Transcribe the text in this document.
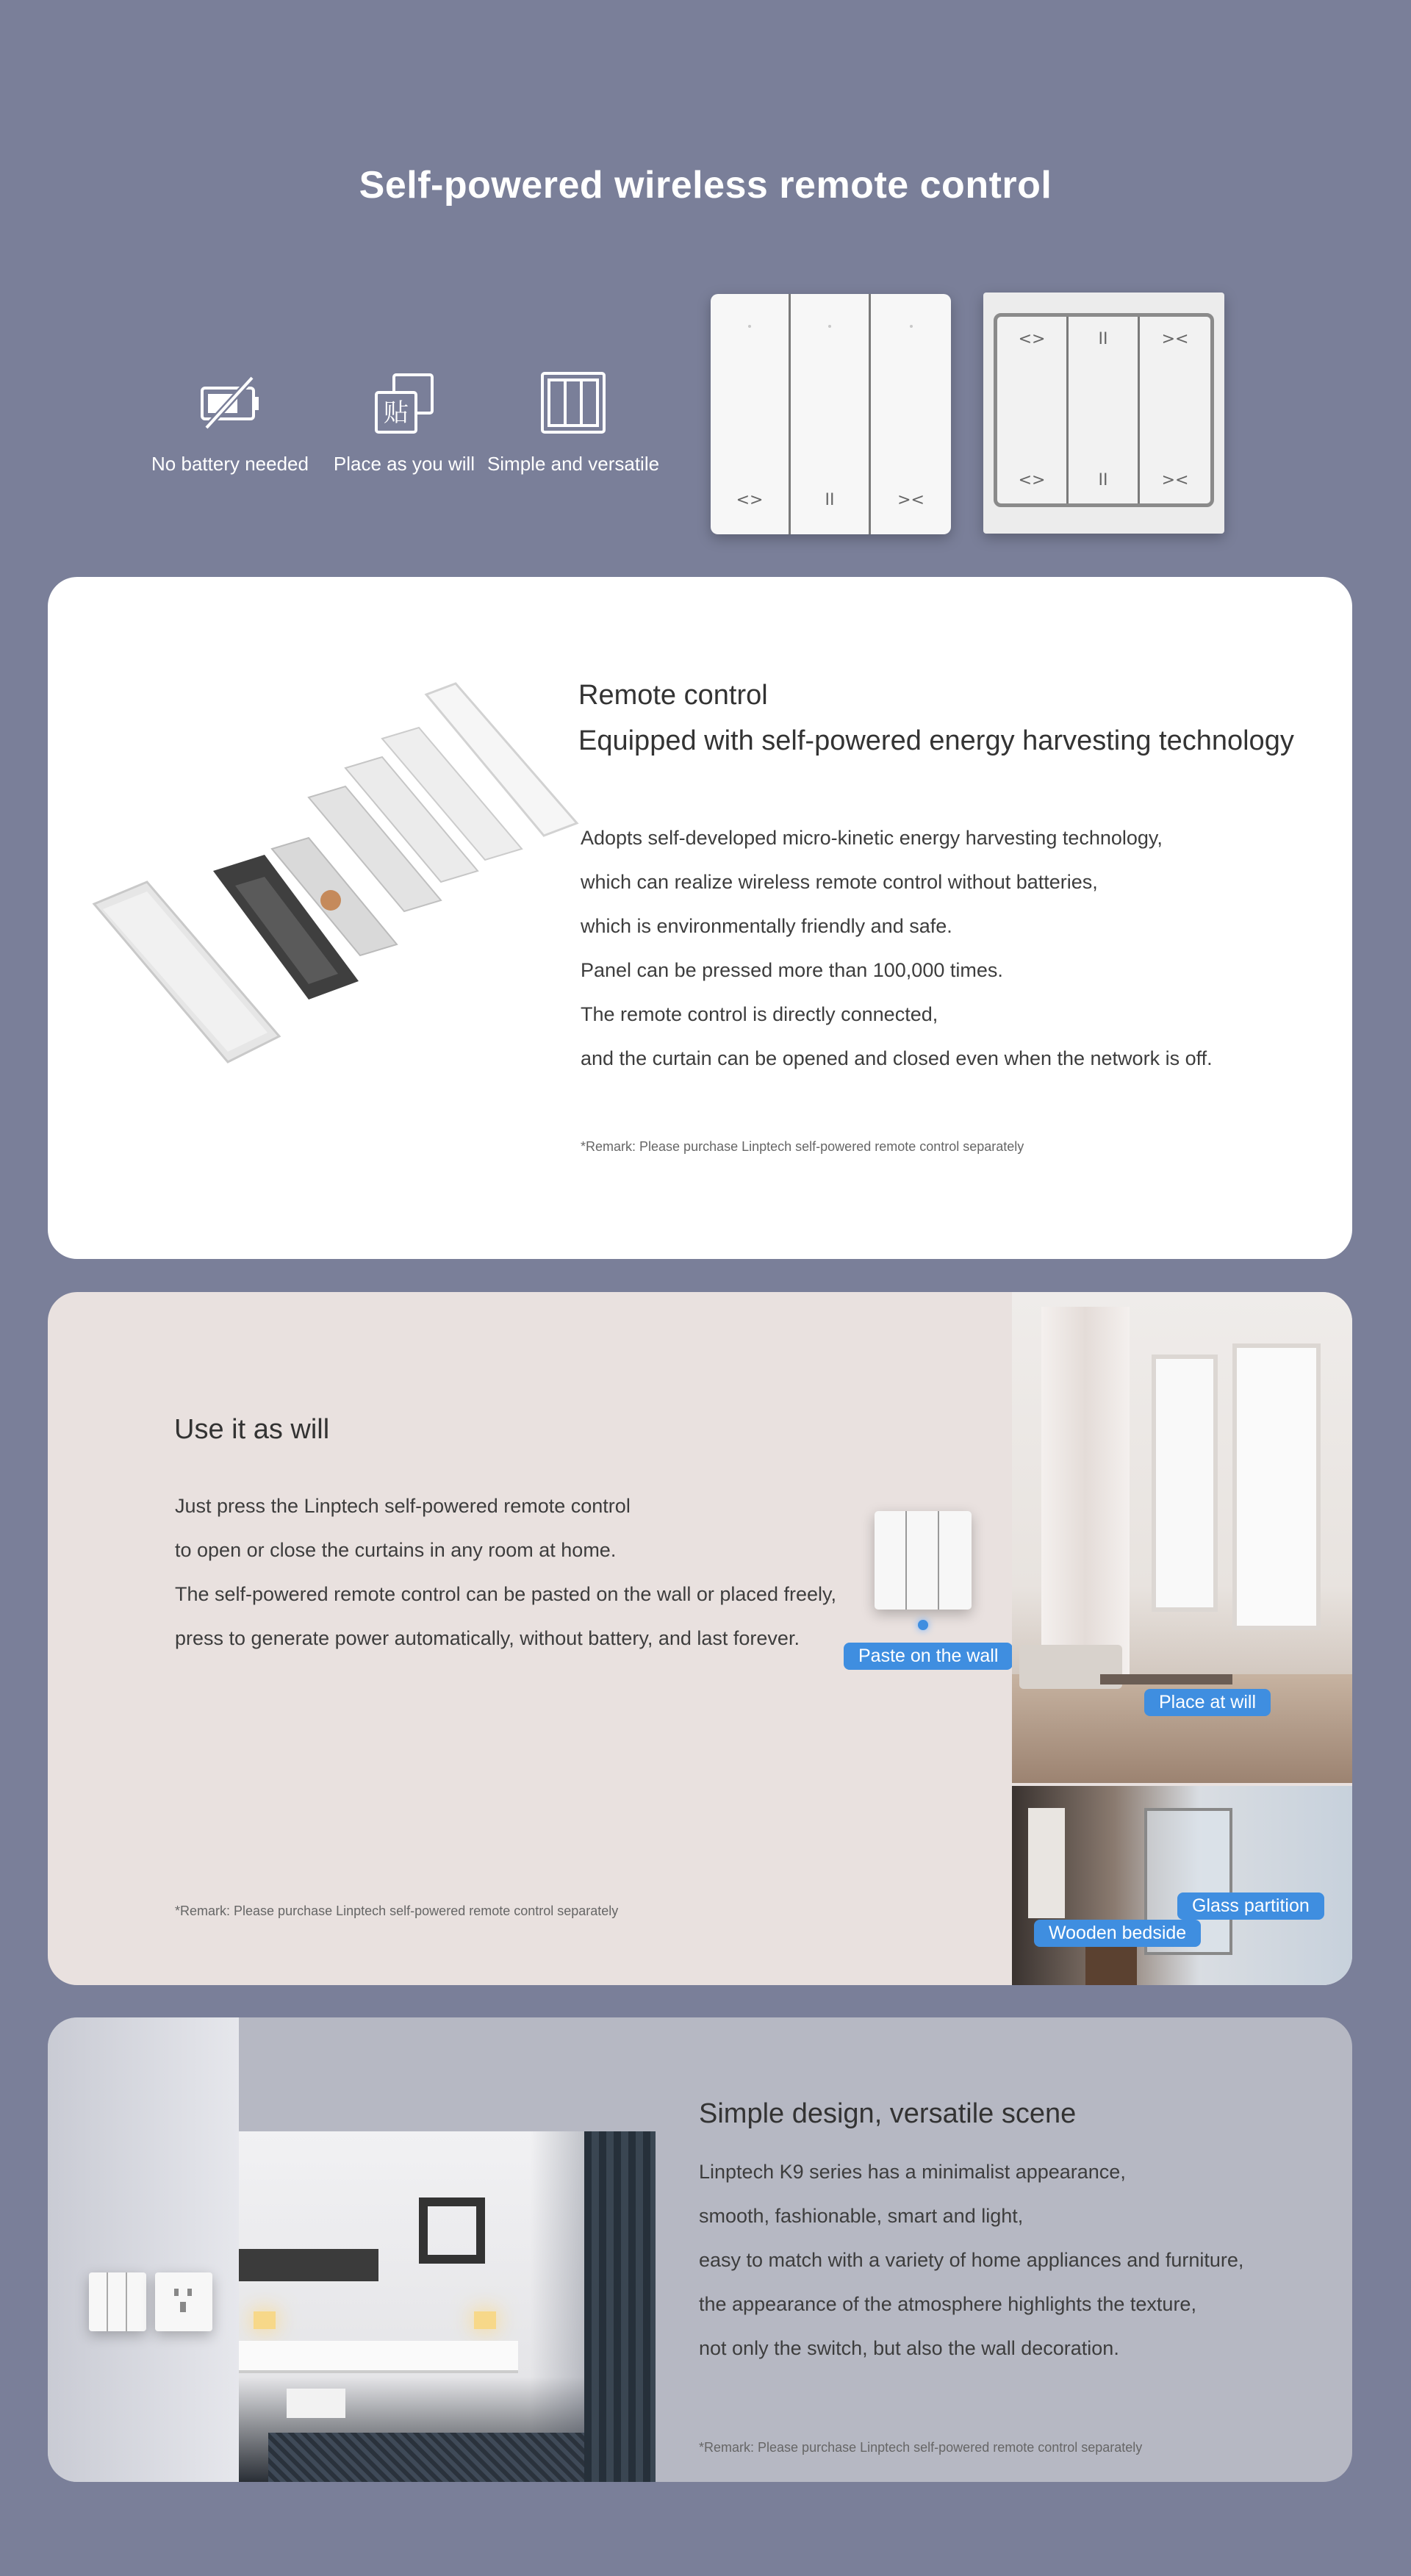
Self-powered wireless remote control
No battery needed
贴
Place as you will Simple and versatile
<>	II	><
<>
<>
II
II
><
><
Remote control
Equipped with self-powered energy harvesting technology
Adopts self-developed micro-kinetic energy harvesting technology,
which can realize wireless remote control without batteries,
which is environmentally friendly and safe.
Panel can be pressed more than 100,000 times.
The remote control is directly connected,
and the curtain can be opened and closed even when the network is off.
*Remark: Please purchase Linptech self-powered remote control separately
Use it as will
Just press the Linptech self-powered remote control
to open or close the curtains in any room at home.
The self-powered remote control can be pasted on the wall or placed freely,
press to generate power automatically, without battery, and last forever.
*Remark: Please purchase Linptech self-powered remote control separately
Paste on the wall
Place at will
Glass partition
Wooden bedside
Simple design, versatile scene
Linptech K9 series has a minimalist appearance,
smooth, fashionable, smart and light,
easy to match with a variety of home appliances and furniture,
the appearance of the atmosphere highlights the texture,
not only the switch, but also the wall decoration.
*Remark: Please purchase Linptech self-powered remote control separately
